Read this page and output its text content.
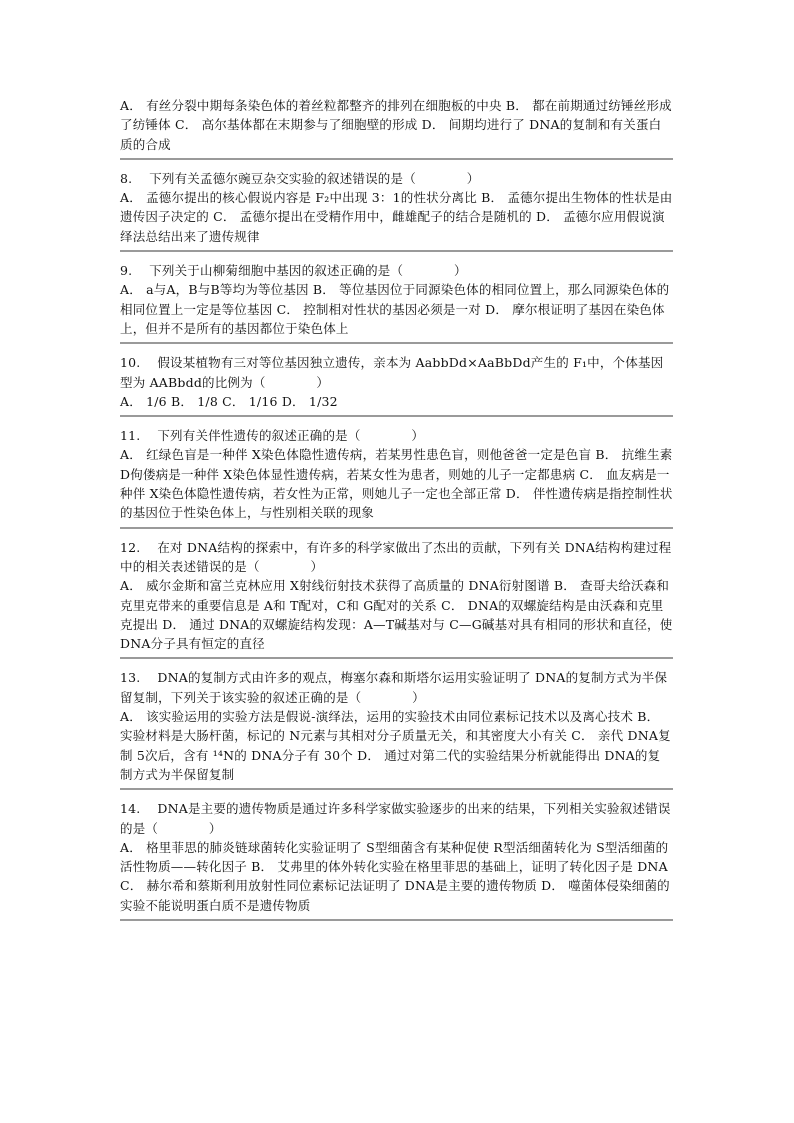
A． 有丝分裂中期每条染色体的着丝粒都整齐的排列在细胞板的中央 B． 都在前期通过纺锤丝形成了纺锤体 C． 高尔基体都在末期参与了细胞壁的形成 D． 间期均进行了 DNA的复制和有关蛋白质的合成

8.　 下列有关孟德尔豌豆杂交实验的叙述错误的是（　　　　）

A． 孟德尔提出的核心假说内容是 F₂中出现 3：1的性状分离比 B． 孟德尔提出生物体的性状是由遗传因子决定的 C． 孟德尔提出在受精作用中，雌雄配子的结合是随机的 D． 孟德尔应用假说演绎法总结出来了遗传规律

9.　 下列关于山柳菊细胞中基因的叙述正确的是（　　　　）

A． a与A，B与B等均为等位基因 B． 等位基因位于同源染色体的相同位置上，那么同源染色体的相同位置上一定是等位基因 C． 控制相对性状的基因必须是一对 D． 摩尔根证明了基因在染色体上，但并不是所有的基因都位于染色体上

10.　 假设某植物有三对等位基因独立遗传，亲本为 AabbDd×AaBbDd产生的 F₁中，个体基因型为 AABbdd的比例为（　　　　）

A． 1/6 B． 1/8 C． 1/16 D． 1/32

11.　 下列有关伴性遗传的叙述正确的是（　　　　）

A． 红绿色盲是一种伴 X染色体隐性遗传病，若某男性患色盲，则他爸爸一定是色盲 B． 抗维生素 D佝偻病是一种伴 X染色体显性遗传病，若某女性为患者，则她的儿子一定都患病 C． 血友病是一种伴 X染色体隐性遗传病，若女性为正常，则她儿子一定也全部正常 D． 伴性遗传病是指控制性状的基因位于性染色体上，与性别相关联的现象

12.　 在对 DNA结构的探索中，有许多的科学家做出了杰出的贡献，下列有关 DNA结构构建过程中的相关表述错误的是（　　　　）

A． 威尔金斯和富兰克林应用 X射线衍射技术获得了高质量的 DNA衍射图谱 B． 查哥夫给沃森和克里克带来的重要信息是 A和 T配对，C和 G配对的关系 C． DNA的双螺旋结构是由沃森和克里克提出 D． 通过 DNA的双螺旋结构发现：A—T碱基对与 C—G碱基对具有相同的形状和直径，使 DNA分子具有恒定的直径

13.　 DNA的复制方式由许多的观点，梅塞尔森和斯塔尔运用实验证明了 DNA的复制方式为半保留复制，下列关于该实验的叙述正确的是（　　　　）

A． 该实验运用的实验方法是假说-演绎法，运用的实验技术由同位素标记技术以及离心技术 B． 实验材料是大肠杆菌，标记的 N元素与其相对分子质量无关，和其密度大小有关 C． 亲代 DNA复制 5次后，含有 ¹⁴N的 DNA分子有 30个 D． 通过对第二代的实验结果分析就能得出 DNA的复制方式为半保留复制

14.　 DNA是主要的遗传物质是通过许多科学家做实验逐步的出来的结果，下列相关实验叙述错误的是（　　　　）

A． 格里菲思的肺炎链球菌转化实验证明了 S型细菌含有某种促使 R型活细菌转化为 S型活细菌的活性物质——转化因子 B． 艾弗里的体外转化实验在格里菲思的基础上，证明了转化因子是 DNA C． 赫尔希和蔡斯利用放射性同位素标记法证明了 DNA是主要的遗传物质 D． 噬菌体侵染细菌的实验不能说明蛋白质不是遗传物质
